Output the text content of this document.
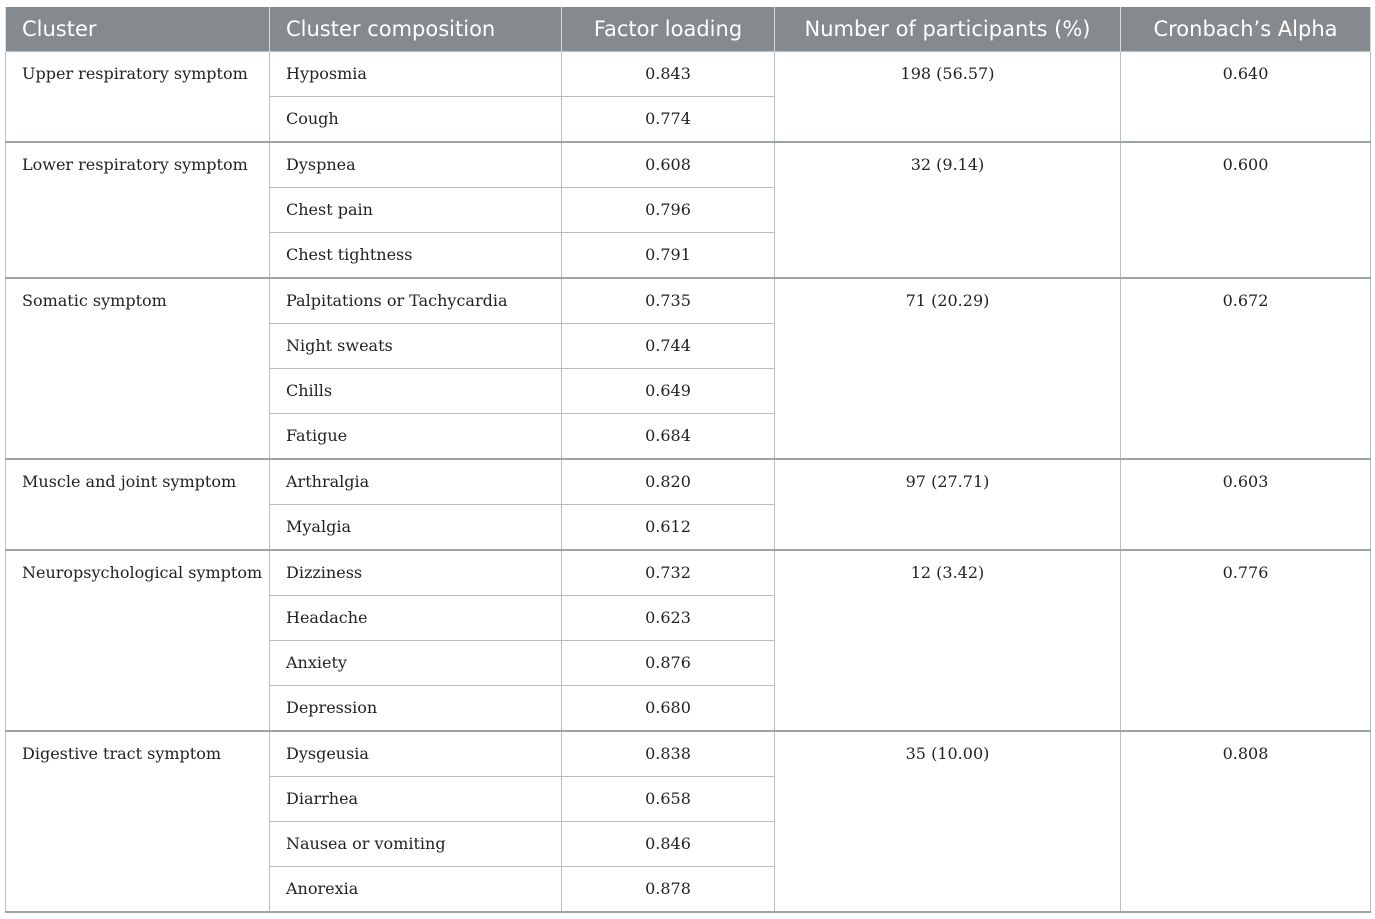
Cluster	Cluster composition	Factor loading	Number of participants (%)	Cronbach’s Alpha
Upper respiratory symptom	Hyposmia	0.843	198 (56.57)	0.640
	Cough	0.774		
Lower respiratory symptom	Dyspnea	0.608	32 (9.14)	0.600
	Chest pain	0.796		
	Chest tightness	0.791		
Somatic symptom	Palpitations or Tachycardia	0.735	71 (20.29)	0.672
	Night sweats	0.744		
	Chills	0.649		
	Fatigue	0.684		
Muscle and joint symptom	Arthralgia	0.820	97 (27.71)	0.603
	Myalgia	0.612		
Neuropsychological symptom	Dizziness	0.732	12 (3.42)	0.776
	Headache	0.623		
	Anxiety	0.876		
	Depression	0.680		
Digestive tract symptom	Dysgeusia	0.838	35 (10.00)	0.808
	Diarrhea	0.658		
	Nausea or vomiting	0.846		
	Anorexia	0.878		
